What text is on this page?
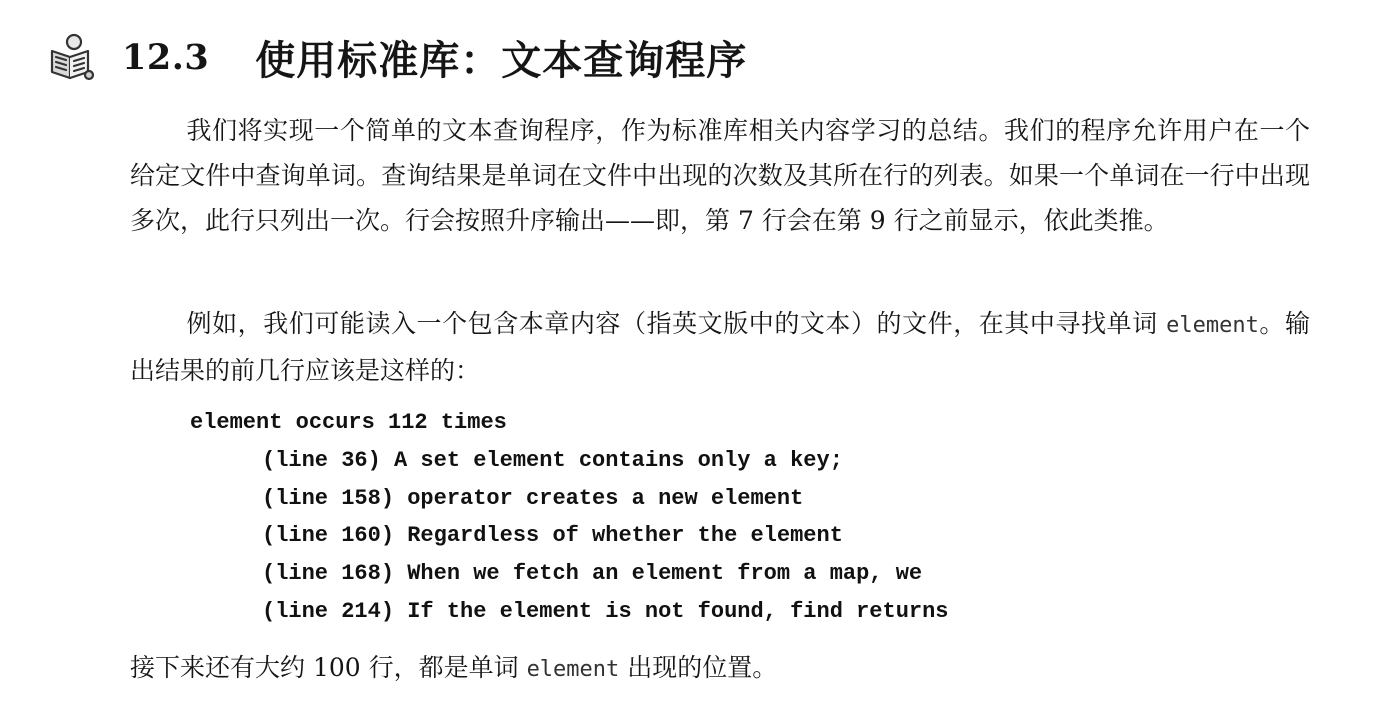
12.3 使用标准库：文本查询程序

我们将实现一个简单的文本查询程序，作为标准库相关内容学习的总结。我们的程序允许用户在一个给定文件中查询单词。查询结果是单词在文件中出现的次数及其所在行的列表。如果一个单词在一行中出现多次，此行只列出一次。行会按照升序输出——即，第 7 行会在第 9 行之前显示，依此类推。

例如，我们可能读入一个包含本章内容（指英文版中的文本）的文件，在其中寻找单词 element。输出结果的前几行应该是这样的：

element occurs 112 times
(line 36) A set element contains only a key;
(line 158) operator creates a new element
(line 160) Regardless of whether the element
(line 168) When we fetch an element from a map, we
(line 214) If the element is not found, find returns

接下来还有大约 100 行，都是单词 element 出现的位置。
